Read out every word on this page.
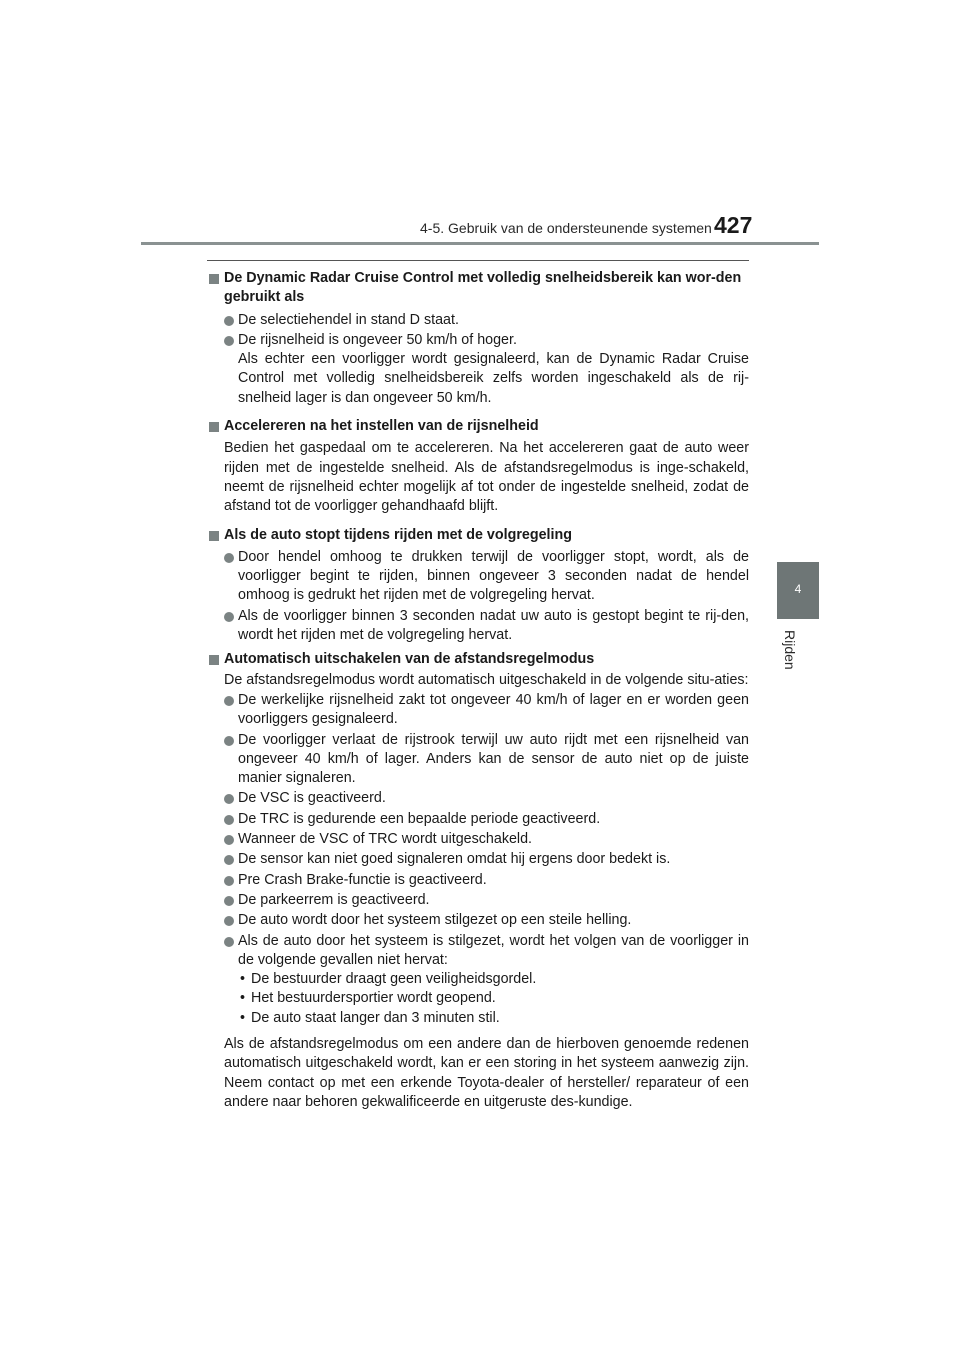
4-5. Gebruik van de ondersteunende systemen 427
4
Rijden
De Dynamic Radar Cruise Control met volledig snelheidsbereik kan wor-den gebruikt als
De selectiehendel in stand D staat.
De rijsnelheid is ongeveer 50 km/h of hoger.
Als echter een voorligger wordt gesignaleerd, kan de Dynamic Radar Cruise Control met volledig snelheidsbereik zelfs worden ingeschakeld als de rij-snelheid lager is dan ongeveer 50 km/h.
Accelereren na het instellen van de rijsnelheid
Bedien het gaspedaal om te accelereren. Na het accelereren gaat de auto weer rijden met de ingestelde snelheid. Als de afstandsregelmodus is inge-schakeld, neemt de rijsnelheid echter mogelijk af tot onder de ingestelde snelheid, zodat de afstand tot de voorligger gehandhaafd blijft.
Als de auto stopt tijdens rijden met de volgregeling
Door hendel omhoog te drukken terwijl de voorligger stopt, wordt, als de voorligger begint te rijden, binnen ongeveer 3 seconden nadat de hendel omhoog is gedrukt het rijden met de volgregeling hervat.
Als de voorligger binnen 3 seconden nadat uw auto is gestopt begint te rij-den, wordt het rijden met de volgregeling hervat.
Automatisch uitschakelen van de afstandsregelmodus
De afstandsregelmodus wordt automatisch uitgeschakeld in de volgende situ-aties:
De werkelijke rijsnelheid zakt tot ongeveer 40 km/h of lager en er worden geen voorliggers gesignaleerd.
De voorligger verlaat de rijstrook terwijl uw auto rijdt met een rijsnelheid van ongeveer 40 km/h of lager. Anders kan de sensor de auto niet op de juiste manier signaleren.
De VSC is geactiveerd.
De TRC is gedurende een bepaalde periode geactiveerd.
Wanneer de VSC of TRC wordt uitgeschakeld.
De sensor kan niet goed signaleren omdat hij ergens door bedekt is.
Pre Crash Brake-functie is geactiveerd.
De parkeerrem is geactiveerd.
De auto wordt door het systeem stilgezet op een steile helling.
Als de auto door het systeem is stilgezet, wordt het volgen van de voorligger in de volgende gevallen niet hervat:
• De bestuurder draagt geen veiligheidsgordel.
• Het bestuurdersportier wordt geopend.
• De auto staat langer dan 3 minuten stil.
Als de afstandsregelmodus om een andere dan de hierboven genoemde redenen automatisch uitgeschakeld wordt, kan er een storing in het systeem aanwezig zijn. Neem contact op met een erkende Toyota-dealer of hersteller/ reparateur of een andere naar behoren gekwalificeerde en uitgeruste des-kundige.
